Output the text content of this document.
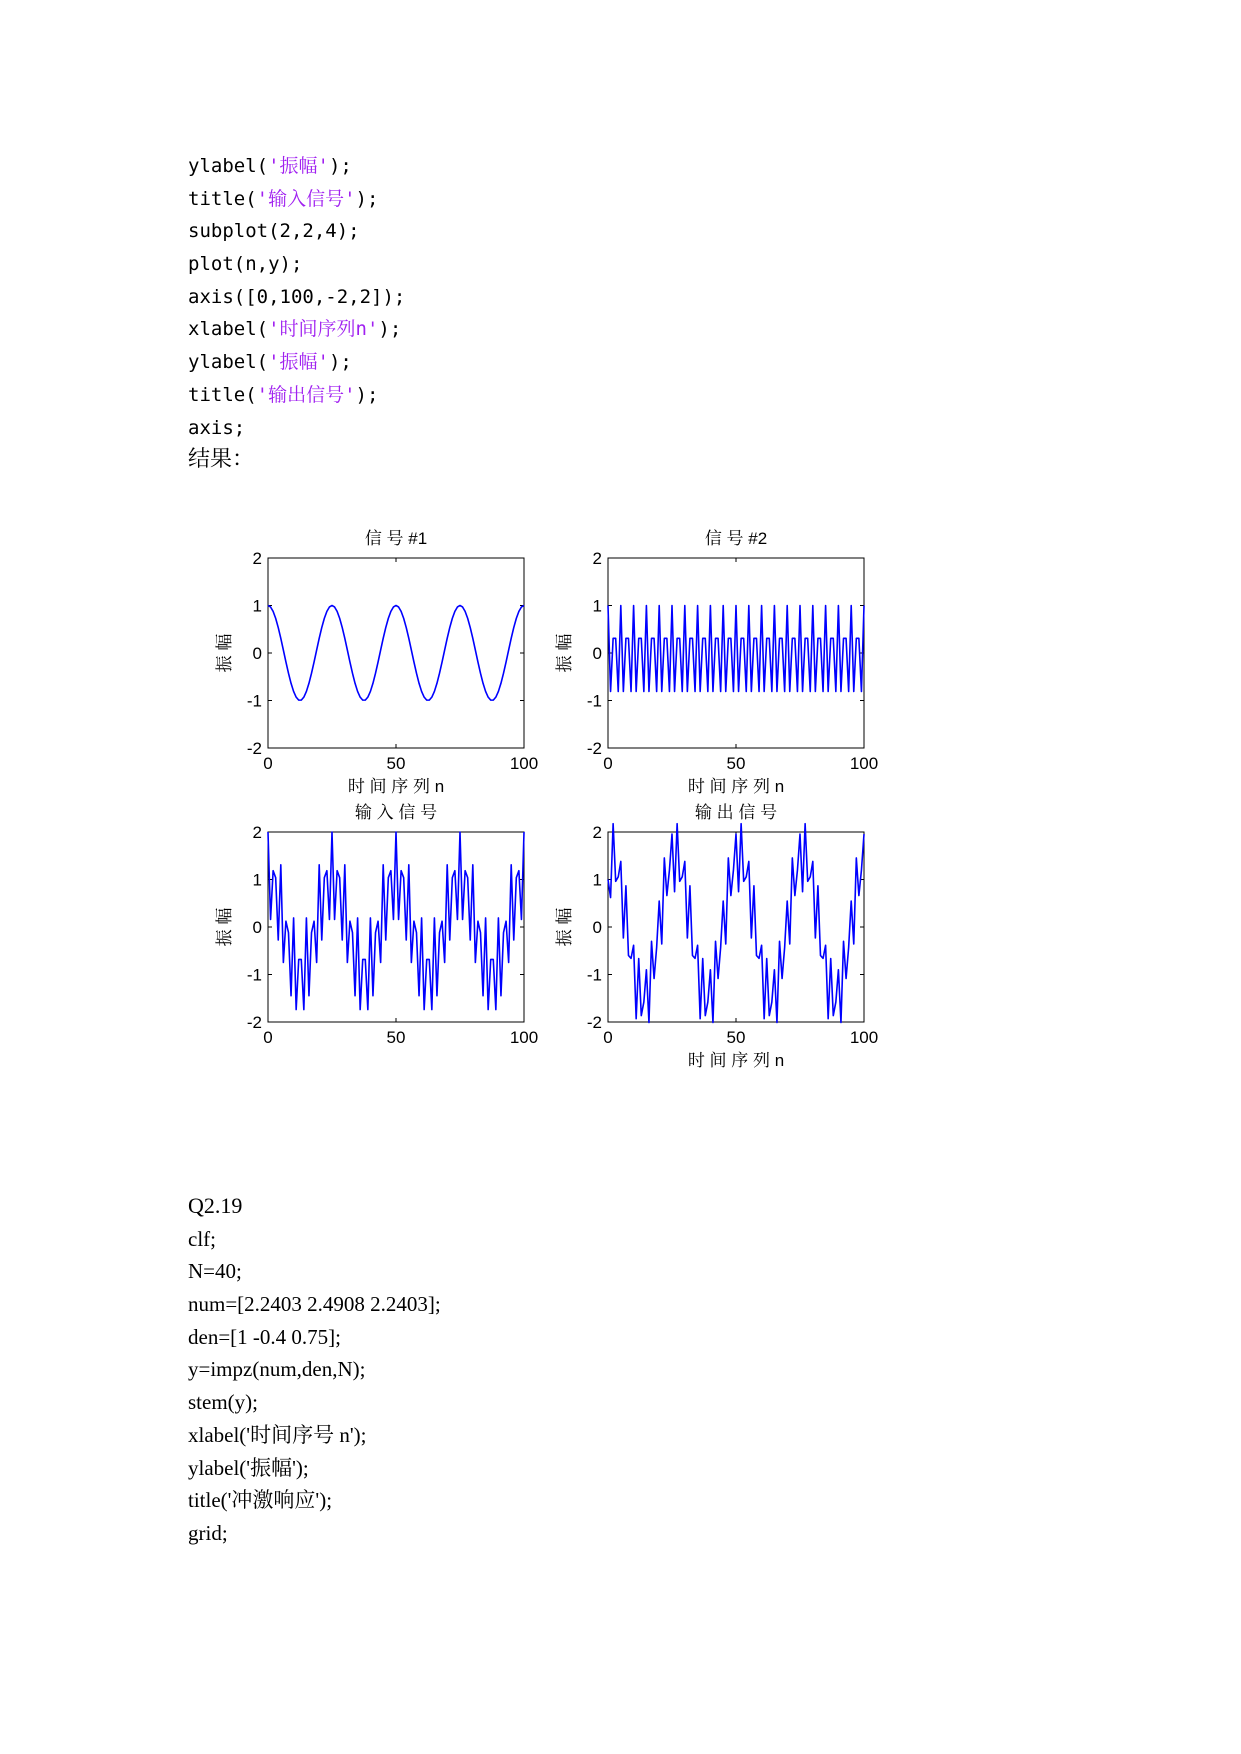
ylabel('振幅');
title('输入信号');
subplot(2,2,4);
plot(n,y);
axis([0,100,-2,2]);
xlabel('时间序列n');
ylabel('振幅');
title('输出信号');
axis;
结果：
-2
-1
0
1
2
0	50	100
信 号 #1
时 间 序 列 n
振 幅
-2
-1
0
1
2
0	50	100
信 号 #2
时 间 序 列 n
振 幅
-2
-1
0
1
2
0	50	100
输 入 信 号
振 幅
-2
-1
0
1
2
0	50	100
输 出 信 号
时 间 序 列 n
振 幅
Q2.19
clf;
N=40;
num=[2.2403 2.4908 2.2403];
den=[1 -0.4 0.75];
y=impz(num,den,N);
stem(y);
xlabel('时间序号 n');
ylabel('振幅');
title('冲激响应');
grid;
